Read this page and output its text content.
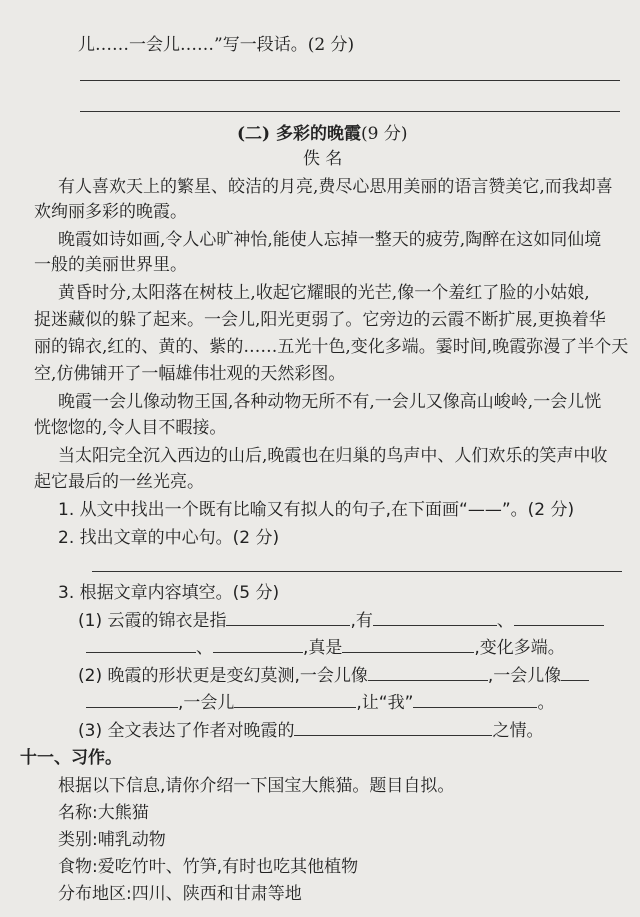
儿……一会儿……”写一段话。(2 分)
(二) 多彩的晚霞(9 分)
佚 名
有人喜欢天上的繁星、皎洁的月亮,费尽心思用美丽的语言赞美它,而我却喜
欢绚丽多彩的晚霞。
晚霞如诗如画,令人心旷神怡,能使人忘掉一整天的疲劳,陶醉在这如同仙境
一般的美丽世界里。
黄昏时分,太阳落在树枝上,收起它耀眼的光芒,像一个羞红了脸的小姑娘,
捉迷藏似的躲了起来。一会儿,阳光更弱了。它旁边的云霞不断扩展,更换着华
丽的锦衣,红的、黄的、紫的……五光十色,变化多端。霎时间,晚霞弥漫了半个天
空,仿佛铺开了一幅雄伟壮观的天然彩图。
晚霞一会儿像动物王国,各种动物无所不有,一会儿又像高山峻岭,一会儿恍
恍惚惚的,令人目不暇接。
当太阳完全沉入西边的山后,晚霞也在归巢的鸟声中、人们欢乐的笑声中收
起它最后的一丝光亮。
1. 从文中找出一个既有比喻又有拟人的句子,在下面画“——”。(2 分)
2. 找出文章的中心句。(2 分)
3. 根据文章内容填空。(5 分)
(1) 云霞的锦衣是指	,有	、
、	,真是	,变化多端。
(2) 晚霞的形状更是变幻莫测,一会儿像	,一会儿像
,一会儿	,让“我”	。
(3) 全文表达了作者对晚霞的	之情。
十一、习作。
根据以下信息,请你介绍一下国宝大熊猫。题目自拟。
名称:大熊猫
类别:哺乳动物
食物:爱吃竹叶、竹笋,有时也吃其他植物
分布地区:四川、陕西和甘肃等地
